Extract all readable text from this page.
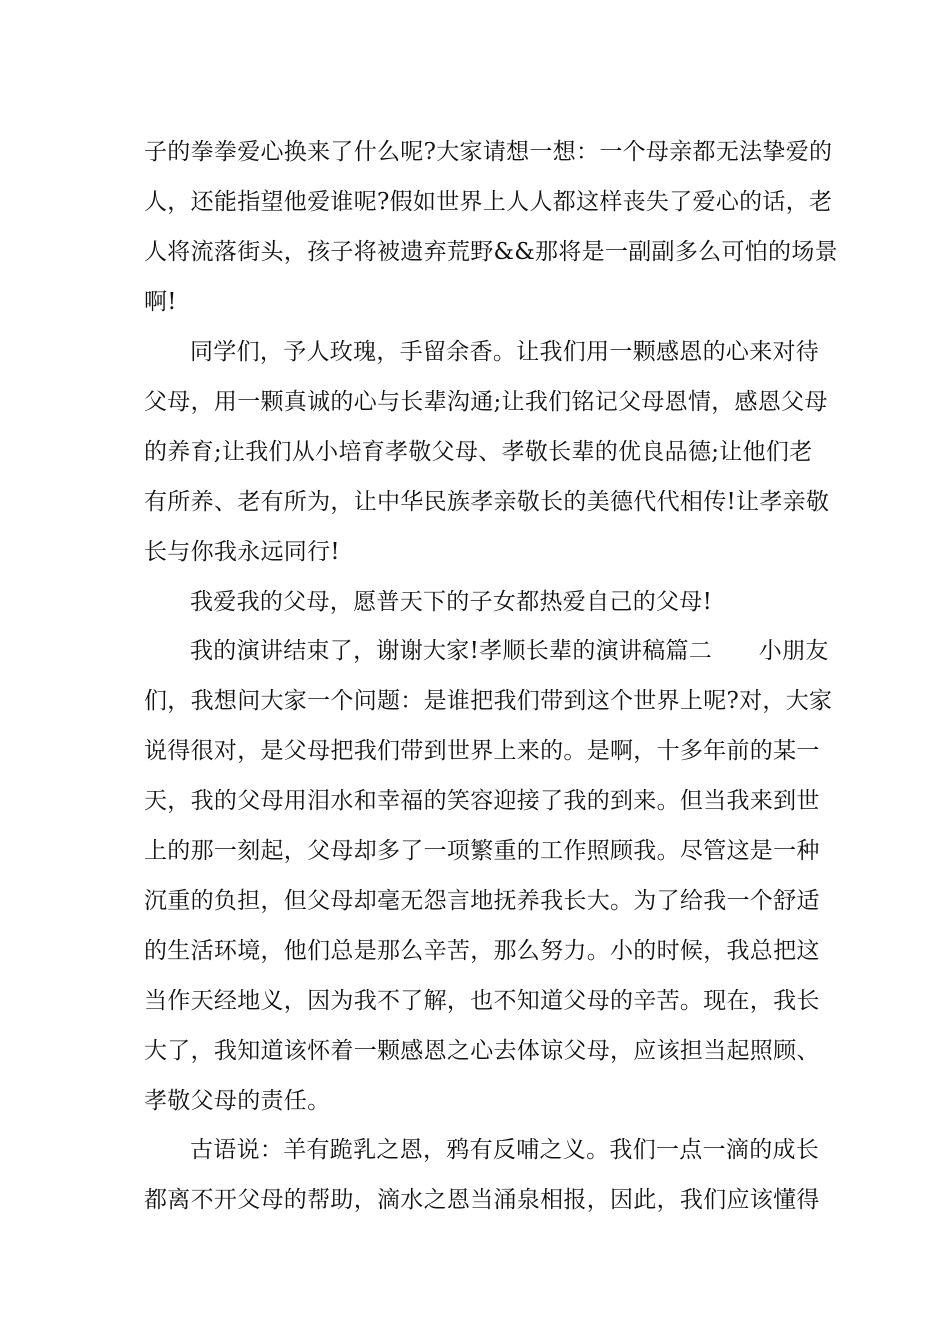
子的拳拳爱心换来了什么呢?大家请想一想：一个母亲都无法挚爱的
人，还能指望他爱谁呢?假如世界上人人都这样丧失了爱心的话，老
人将流落街头，孩子将被遗弃荒野&&那将是一副副多么可怕的场景
啊!
同学们，予人玫瑰，手留余香。让我们用一颗感恩的心来对待
父母，用一颗真诚的心与长辈沟通;让我们铭记父母恩情，感恩父母
的养育;让我们从小培育孝敬父母、孝敬长辈的优良品德;让他们老
有所养、老有所为，让中华民族孝亲敬长的美德代代相传!让孝亲敬
长与你我永远同行!
我爱我的父母，愿普天下的子女都热爱自己的父母!
我的演讲结束了，谢谢大家!孝顺长辈的演讲稿篇二　　小朋友
们，我想问大家一个问题：是谁把我们带到这个世界上呢?对，大家
说得很对，是父母把我们带到世界上来的。是啊，十多年前的某一
天，我的父母用泪水和幸福的笑容迎接了我的到来。但当我来到世
上的那一刻起，父母却多了一项繁重的工作照顾我。尽管这是一种
沉重的负担，但父母却毫无怨言地抚养我长大。为了给我一个舒适
的生活环境，他们总是那么辛苦，那么努力。小的时候，我总把这
当作天经地义，因为我不了解，也不知道父母的辛苦。现在，我长
大了，我知道该怀着一颗感恩之心去体谅父母，应该担当起照顾、
孝敬父母的责任。
古语说：羊有跪乳之恩，鸦有反哺之义。我们一点一滴的成长
都离不开父母的帮助，滴水之恩当涌泉相报，因此，我们应该懂得
